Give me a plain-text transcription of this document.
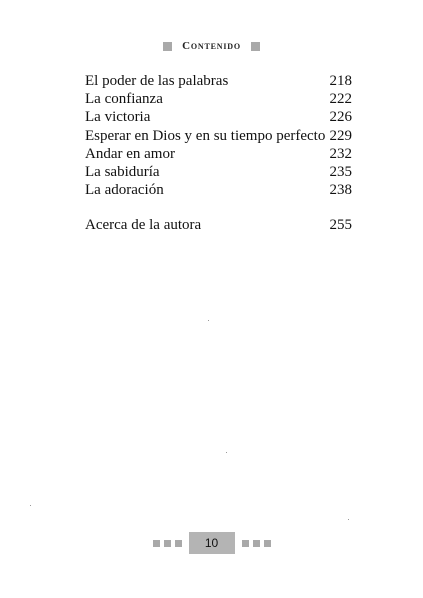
Contenido
El poder de las palabras	218
La confianza	222
La victoria	226
Esperar en Dios y en su tiempo perfecto 229
Andar en amor	232
La sabiduría	235
La adoración	238
Acerca de la autora	255
10
